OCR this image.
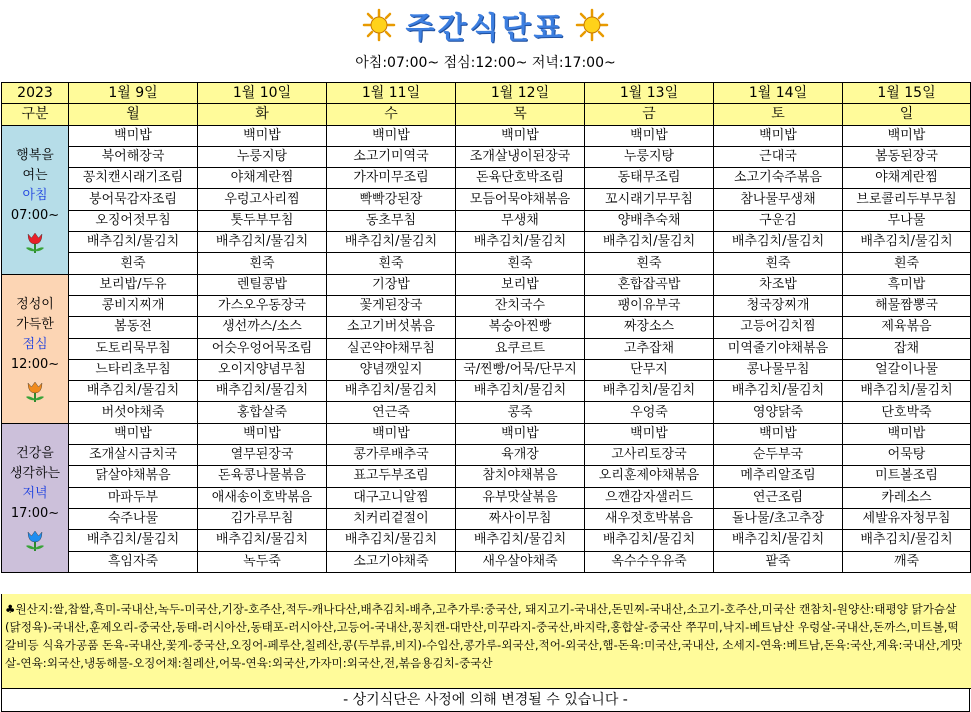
주간식단표
아침:07:00~ 점심:12:00~ 저녁:17:00~
2023	1월 9일	1월 10일	1월 11일	1월 12일	1월 13일	1월 14일	1월 15일
구분	월	화	수	목	금	토	일

행복을
여는
아침
07:00~	백미밥	백미밥	백미밥	백미밥	백미밥	백미밥	백미밥
	북어해장국	누룽지탕	소고기미역국	조개살냉이된장국	누룽지탕	근대국	봄동된장국
	꽁치캔시래기조림	야채계란찜	가자미무조림	돈육단호박조림	동태무조림	소고기숙주볶음	야채계란찜
	붕어묵감자조림	우렁고사리찜	빡빡강된장	모듬어묵야채볶음	꼬시래기무무침	참나물무생채	브로콜리두부무침
	오징어젓무침	톳두부무침	동초무침	무생채	양배추숙채	구운김	무나물
	배추김치/물김치	배추김치/물김치	배추김치/물김치	배추김치/물김치	배추김치/물김치	배추김치/물김치	배추김치/물김치
	흰죽	흰죽	흰죽	흰죽	흰죽	흰죽	흰죽

정성이
가득한
점심
12:00~	보리밥/두유	렌틸콩밥	기장밥	보리밥	혼합잡곡밥	차조밥	흑미밥
	콩비지찌개	가스오우동장국	꽃게된장국	잔치국수	팽이유부국	청국장찌개	해물짬뽕국
	봄동전	생선까스/소스	소고기버섯볶음	복숭아찐빵	짜장소스	고등어김치찜	제육볶음
	도토리묵무침	어슷우엉어묵조림	실곤약야채무침	요쿠르트	고추잡채	미역줄기야채볶음	잡채
	느타리초무침	오이지양념무침	양념깻잎지	국/찐빵/어묵/단무지	단무지	콩나물무침	얼갈이나물
	배추김치/물김치	배추김치/물김치	배추김치/물김치	배추김치/물김치	배추김치/물김치	배추김치/물김치	배추김치/물김치
	버섯야채죽	홍합살죽	연근죽	콩죽	우엉죽	영양닭죽	단호박죽

건강을
생각하는
저녁
17:00~	백미밥	백미밥	백미밥	백미밥	백미밥	백미밥	백미밥
	조개살시금치국	열무된장국	콩가루배추국	육개장	고사리토장국	순두부국	어묵탕
	닭살야채볶음	돈육콩나물볶음	표고두부조림	참치야채볶음	오리훈제야채볶음	메추리알조림	미트볼조림
	마파두부	애새송이호박볶음	대구고니알찜	유부맛살볶음	으깬감자샐러드	연근조림	카레소스
	숙주나물	김가루무침	치커리겉절이	짜사이무침	새우젓호박볶음	돌나물/초고추장	세발유자청무침
	배추김치/물김치	배추김치/물김치	배추김치/물김치	배추김치/물김치	배추김치/물김치	배추김치/물김치	배추김치/물김치
	흑임자죽	녹두죽	소고기야채죽	새우살야채죽	옥수수우유죽	팥죽	깨죽
♣원산지:쌀,찹쌀,흑미-국내산,녹두-미국산,기장-호주산,적두-캐나다산,배추김치-배추,고추가루:중국산, 돼지고기-국내산,돈민찌-국내산,소고기-호주산,미국산 캔참치-원양산:태평양 닭가슴살(닭정육)-국내산,훈제오리-중국산,동태-러시아산,동태포-러시아산,고등어-국내산,꽁치캔-대만산,미꾸라지-중국산,바지락,홍합살-중국산 쭈꾸미,낙지-베트남산 우렁살-국내산,돈까스,미트볼,떡갈비등 식육가공품 돈육-국내산,꽃게-중국산,오징어-페루산,칠레산,콩(두부류,비지)-수입산,콩가루-외국산,적어-외국산,햄-돈육:미국산,국내산, 소세지-연육:베트남,돈육:국산,계육:국내산,게맛살-연육:외국산,냉동해물-오징어채:칠레산,어묵-연육:외국산,가자미:외국산,전,볶음용김치-중국산
- 상기식단은 사정에 의해 변경될 수 있습니다 -
